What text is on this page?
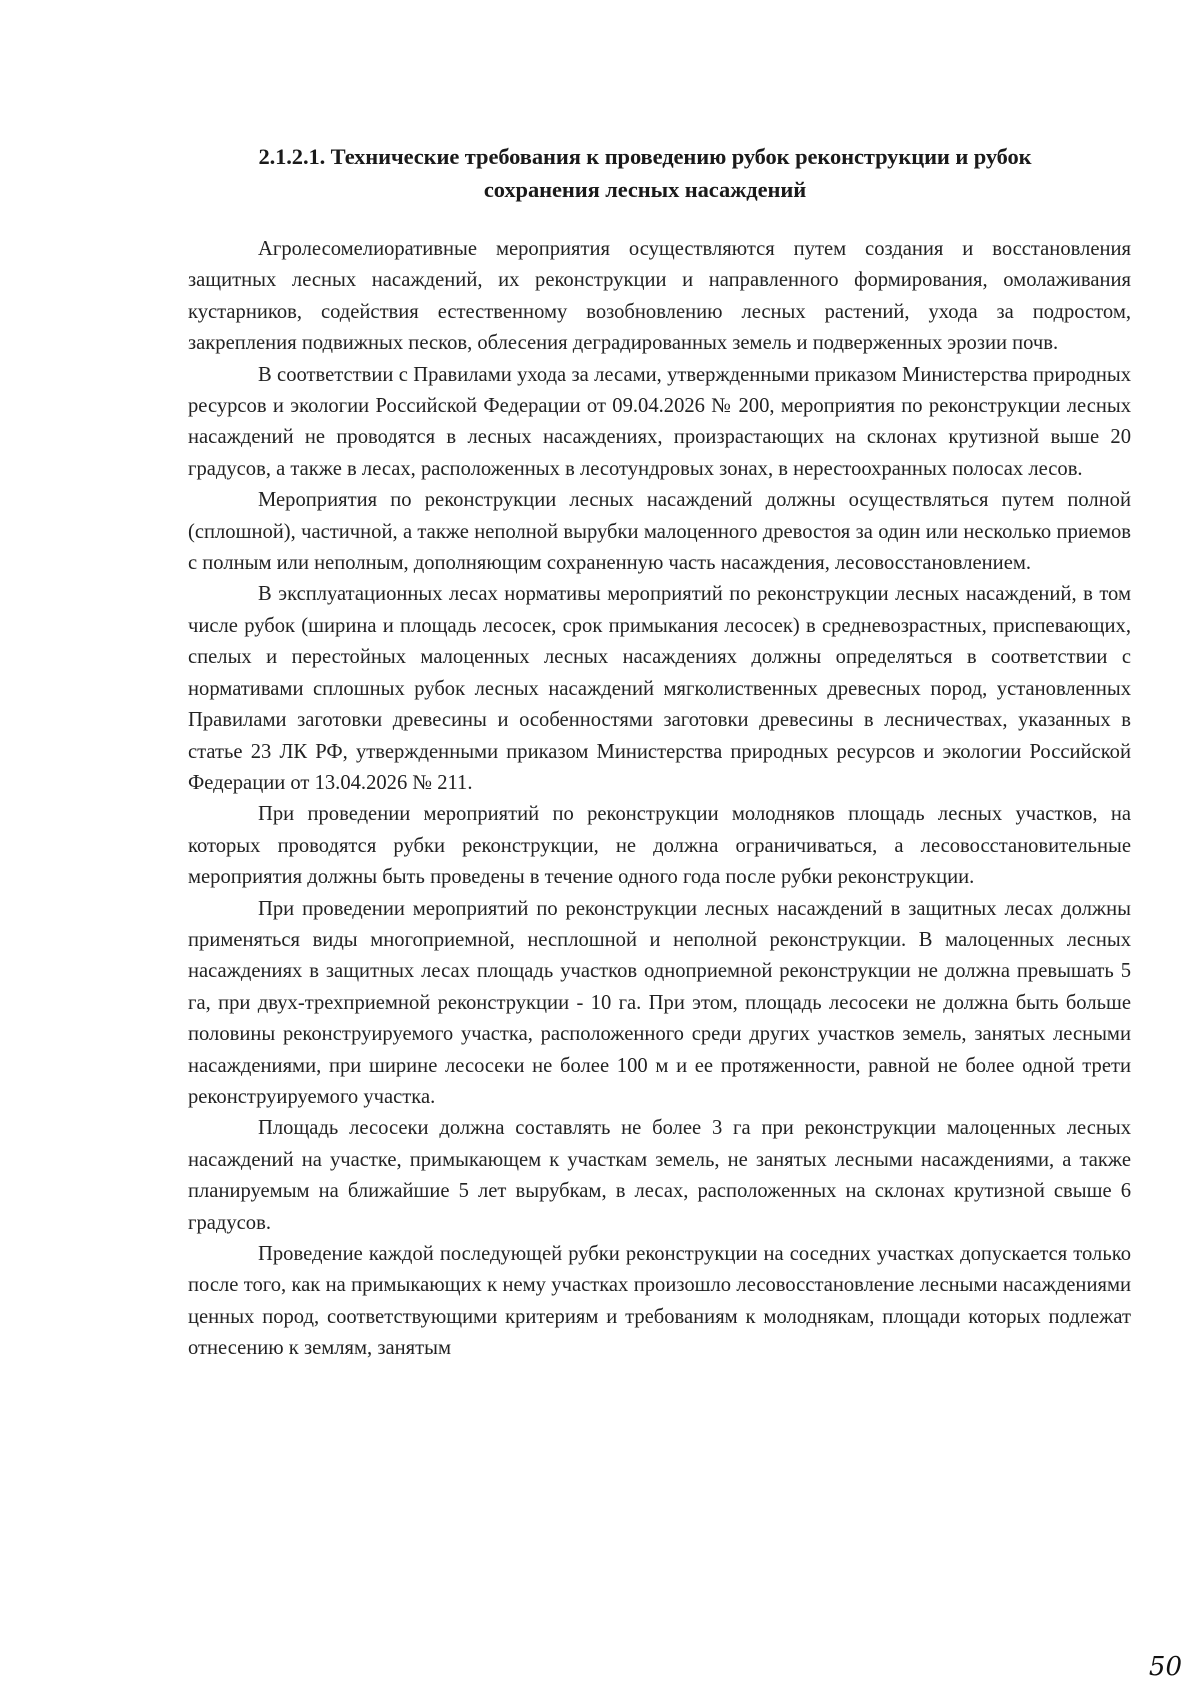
2.1.2.1. Технические требования к проведению рубок реконструкции и рубок
сохранения лесных насаждений

Агролесомелиоративные мероприятия осуществляются путем создания и восстановления защитных лесных насаждений, их реконструкции и направленного формирования, омолаживания кустарников, содействия естественному возобновлению лесных растений, ухода за подростом, закрепления подвижных песков, облесения деградированных земель и подверженных эрозии почв.

В соответствии с Правилами ухода за лесами, утвержденными приказом Министерства природных ресурсов и экологии Российской Федерации от 09.04.2026 № 200, мероприятия по реконструкции лесных насаждений не проводятся в лесных насаждениях, произрастающих на склонах крутизной выше 20 градусов, а также в лесах, расположенных в лесотундровых зонах, в нерестоохранных полосах лесов.

Мероприятия по реконструкции лесных насаждений должны осуществляться путем полной (сплошной), частичной, а также неполной вырубки малоценного древостоя за один или несколько приемов с полным или неполным, дополняющим сохраненную часть насаждения, лесовосстановлением.

В эксплуатационных лесах нормативы мероприятий по реконструкции лесных насаждений, в том числе рубок (ширина и площадь лесосек, срок примыкания лесосек) в средневозрастных, приспевающих, спелых и перестойных малоценных лесных насаждениях должны определяться в соответствии с нормативами сплошных рубок лесных насаждений мягколиственных древесных пород, установленных Правилами заготовки древесины и особенностями заготовки древесины в лесничествах, указанных в статье 23 ЛК РФ, утвержденными приказом Министерства природных ресурсов и экологии Российской Федерации от 13.04.2026 № 211.

При проведении мероприятий по реконструкции молодняков площадь лесных участков, на которых проводятся рубки реконструкции, не должна ограничиваться, а лесовосстановительные мероприятия должны быть проведены в течение одного года после рубки реконструкции.

При проведении мероприятий по реконструкции лесных насаждений в защитных лесах должны применяться виды многоприемной, несплошной и неполной реконструкции. В малоценных лесных насаждениях в защитных лесах площадь участков одноприемной реконструкции не должна превышать 5 га, при двух-трехприемной реконструкции - 10 га. При этом, площадь лесосеки не должна быть больше половины реконструируемого участка, расположенного среди других участков земель, занятых лесными насаждениями, при ширине лесосеки не более 100 м и ее протяженности, равной не более одной трети реконструируемого участка.

Площадь лесосеки должна составлять не более 3 га при реконструкции малоценных лесных насаждений на участке, примыкающем к участкам земель, не занятых лесными насаждениями, а также планируемым на ближайшие 5 лет вырубкам, в лесах, расположенных на склонах крутизной свыше 6 градусов.

Проведение каждой последующей рубки реконструкции на соседних участках допускается только после того, как на примыкающих к нему участках произошло лесовосстановление лесными насаждениями ценных пород, соответствующими критериям и требованиям к молоднякам, площади которых подлежат отнесению к землям, занятым

50
